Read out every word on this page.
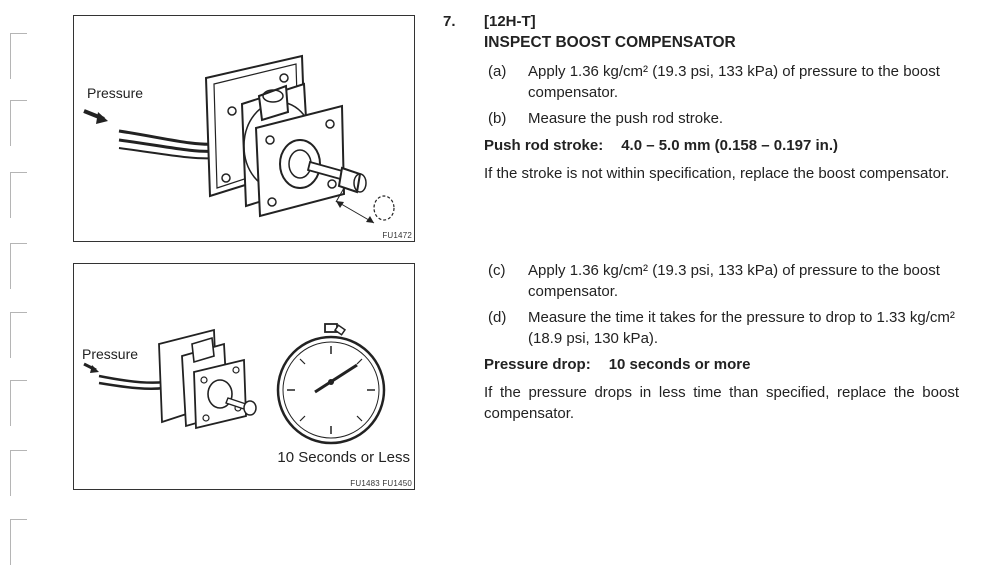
Pressure
FU1472
Pressure
10 Seconds or Less
FU1483 FU1450
7. [12H-T]
INSPECT BOOST COMPENSATOR
(a) Apply 1.36 kg/cm² (19.3 psi, 133 kPa) of pressure to the boost compensator.
(b) Measure the push rod stroke.
Push rod stroke: 4.0 – 5.0 mm (0.158 – 0.197 in.)
If the stroke is not within specification, replace the boost compensator.
(c) Apply 1.36 kg/cm² (19.3 psi, 133 kPa) of pressure to the boost compensator.
(d) Measure the time it takes for the pressure to drop to 1.33 kg/cm² (18.9 psi, 130 kPa).
Pressure drop: 10 seconds or more
If the pressure drops in less time than specified, replace the boost compensator.
